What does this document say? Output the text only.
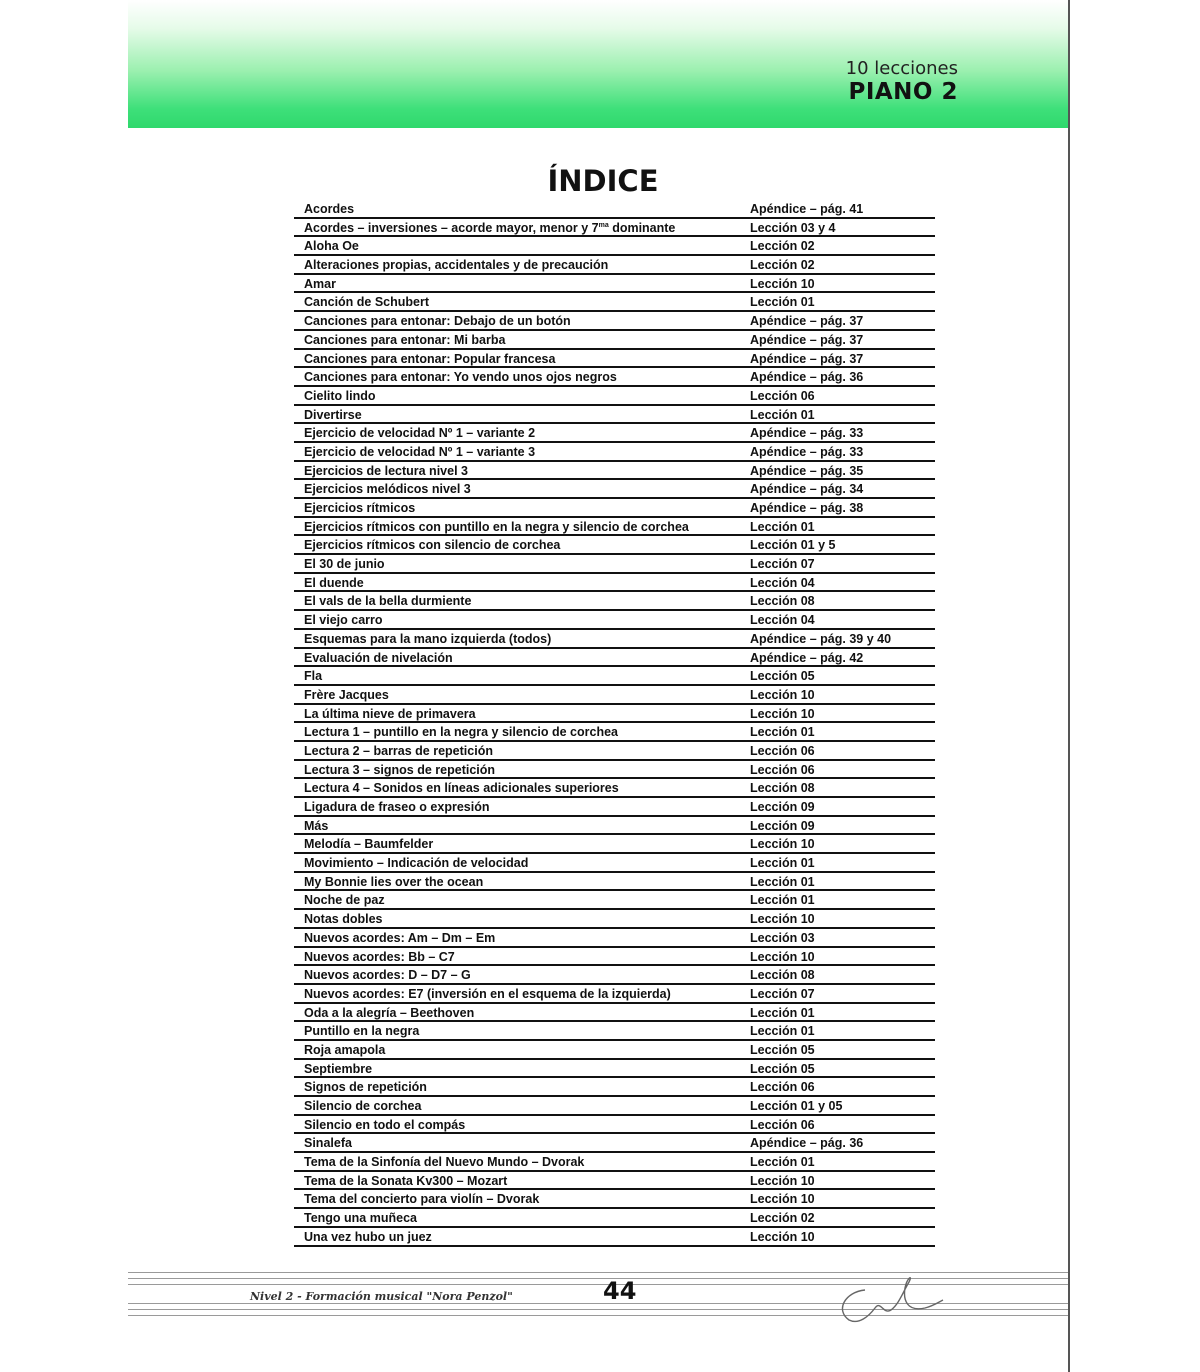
10 lecciones
PIANO 2
ÍNDICE
Acordes	Apéndice – pág. 41
Acordes – inversiones – acorde mayor, menor y $7^{ma}$ dominante	Lección 03 y 4
Aloha Oe	Lección 02
Alteraciones propias, accidentales y de precaución	Lección 02
Amar	Lección 10
Canción de Schubert	Lección 01
Canciones para entonar: Debajo de un botón	Apéndice – pág. 37
Canciones para entonar: Mi barba	Apéndice – pág. 37
Canciones para entonar: Popular francesa	Apéndice – pág. 37
Canciones para entonar: Yo vendo unos ojos negros	Apéndice – pág. 36
Cielito lindo	Lección 06
Divertirse	Lección 01
Ejercicio de velocidad Nº 1 – variante 2	Apéndice – pág. 33
Ejercicio de velocidad Nº 1 – variante 3	Apéndice – pág. 33
Ejercicios de lectura nivel 3	Apéndice – pág. 35
Ejercicios melódicos nivel 3	Apéndice – pág. 34
Ejercicios rítmicos	Apéndice – pág. 38
Ejercicios rítmicos con puntillo en la negra y silencio de corchea	Lección 01
Ejercicios rítmicos con silencio de corchea	Lección 01 y 5
El 30 de junio	Lección 07
El duende	Lección 04
El vals de la bella durmiente	Lección 08
El viejo carro	Lección 04
Esquemas para la mano izquierda (todos)	Apéndice – pág. 39 y 40
Evaluación de nivelación	Apéndice – pág. 42
Fla	Lección 05
Frère Jacques	Lección 10
La última nieve de primavera	Lección 10
Lectura 1 – puntillo en la negra y silencio de corchea	Lección 01
Lectura 2 – barras de repetición	Lección 06
Lectura 3 – signos de repetición	Lección 06
Lectura 4 – Sonidos en líneas adicionales superiores	Lección 08
Ligadura de fraseo o expresión	Lección 09
Más	Lección 09
Melodía – Baumfelder	Lección 10
Movimiento – Indicación de velocidad	Lección 01
My Bonnie lies over the ocean	Lección 01
Noche de paz	Lección 01
Notas dobles	Lección 10
Nuevos acordes: Am – Dm – Em	Lección 03
Nuevos acordes: Bb – C7	Lección 10
Nuevos acordes: D – D7 – G	Lección 08
Nuevos acordes: E7 (inversión en el esquema de la izquierda)	Lección 07
Oda a la alegría – Beethoven	Lección 01
Puntillo en la negra	Lección 01
Roja amapola	Lección 05
Septiembre	Lección 05
Signos de repetición	Lección 06
Silencio de corchea	Lección 01 y 05
Silencio en todo el compás	Lección 06
Sinalefa	Apéndice – pág. 36
Tema de la Sinfonía del Nuevo Mundo – Dvorak	Lección 01
Tema de la Sonata Kv300 – Mozart	Lección 10
Tema del concierto para violín – Dvorak	Lección 10
Tengo una muñeca	Lección 02
Una vez hubo un juez	Lección 10
Nivel 2 - Formación musical "Nora Penzol"	44
